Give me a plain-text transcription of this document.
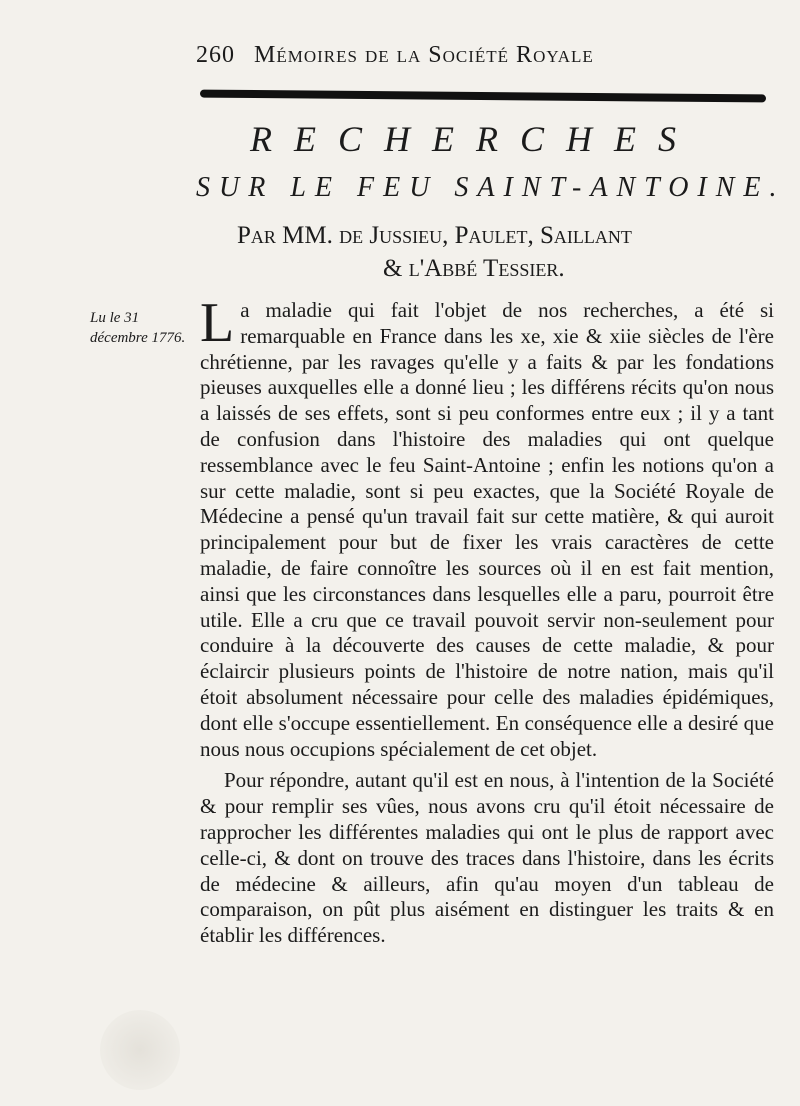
260 Mémoires de la Société Royale
RECHERCHES
SUR LE FEU SAINT-ANTOINE.
Par MM. de Jussieu, Paulet, Saillant
& l'Abbé Tessier.
Lu le 31 décembre 1776. L a maladie qui fait l'objet de nos recherches, a été si remarquable en France dans les xe, xie & xiie siècles de l'ère chrétienne, par les ravages qu'elle y a faits & par les fondations pieuses auxquelles elle a donné lieu ; les différens récits qu'on nous a laissés de ses effets, sont si peu conformes entre eux ; il y a tant de confusion dans l'histoire des maladies qui ont quelque ressemblance avec le feu Saint-Antoine ; enfin les notions qu'on a sur cette maladie, sont si peu exactes, que la Société Royale de Médecine a pensé qu'un travail fait sur cette matière, & qui auroit principalement pour but de fixer les vrais caractères de cette maladie, de faire connoître les sources où il en est fait mention, ainsi que les circonstances dans lesquelles elle a paru, pourroit être utile. Elle a cru que ce travail pouvoit servir non-seulement pour conduire à la découverte des causes de cette maladie, & pour éclaircir plusieurs points de l'histoire de notre nation, mais qu'il étoit absolument nécessaire pour celle des maladies épidémiques, dont elle s'occupe essentiellement. En conséquence elle a desiré que nous nous occupions spécialement de cet objet.

Pour répondre, autant qu'il est en nous, à l'intention de la Société & pour remplir ses vûes, nous avons cru qu'il étoit nécessaire de rapprocher les différentes maladies qui ont le plus de rapport avec celle-ci, & dont on trouve des traces dans l'histoire, dans les écrits de médecine & ailleurs, afin qu'au moyen d'un tableau de comparaison, on pût plus aisément en distinguer les traits & en établir les différences.
